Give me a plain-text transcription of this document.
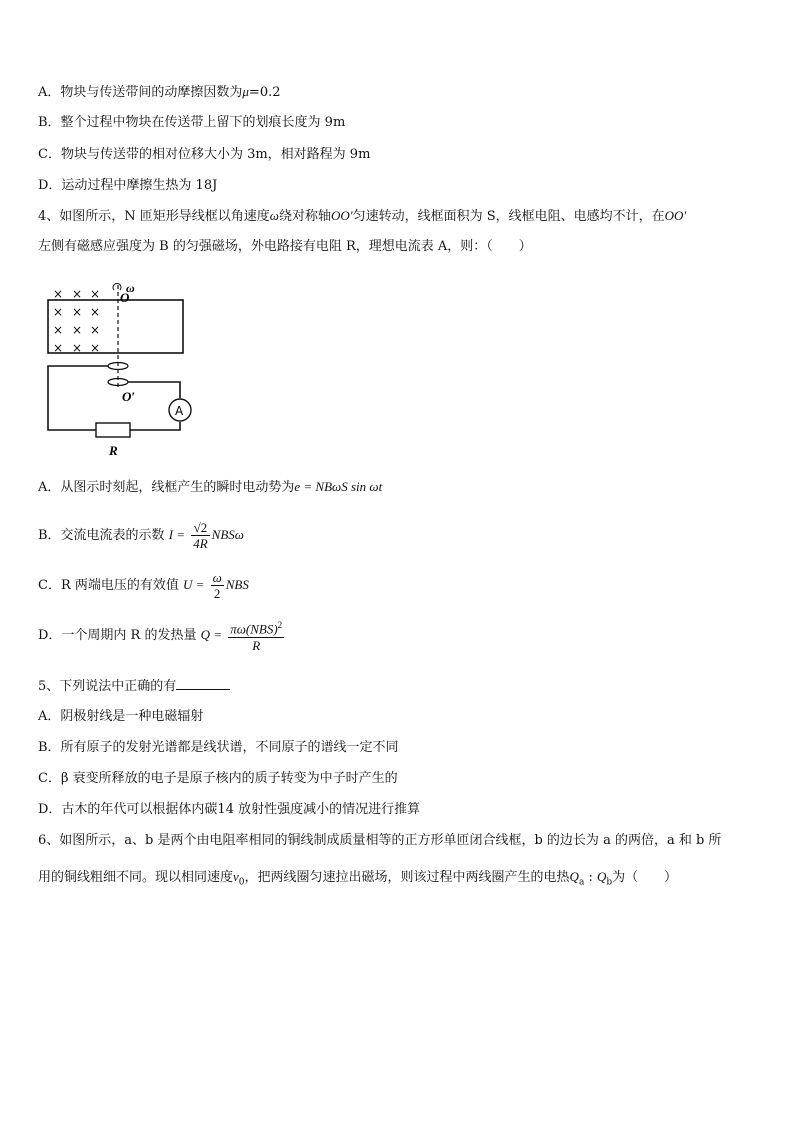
A．物块与传送带间的动摩擦因数为μ=0.2
B．整个过程中物块在传送带上留下的划痕长度为 9m
C．物块与传送带的相对位移大小为 3m，相对路程为 9m
D．运动过程中摩擦生热为 18J
4、如图所示，N 匝矩形导线框以角速度ω绕对称轴OO′匀速转动，线框面积为 S，线框电阻、电感均不计，在OO′
左侧有磁感应强度为 B 的匀强磁场，外电路接有电阻 R，理想电流表 A，则：（　　）
× × ×
× × ×
× × ×
× × ×
O
ω
O′
A
R
A．从图示时刻起，线框产生的瞬时电动势为e = NBωS sin ωt
B．交流电流表的示数 $I = \frac{√2}{4R}$ NBSω
C．R 两端电压的有效值 $U = \frac{\omega}{2}$ NBS
D．一个周期内 R 的发热量 $Q = \frac{\pi\omega(NBS)^2}{R}$
5、下列说法中正确的有
A．阴极射线是一种电磁辐射
B．所有原子的发射光谱都是线状谱，不同原子的谱线一定不同
C．β 衰变所释放的电子是原子核内的质子转变为中子时产生的
D．古木的年代可以根据体内碳14 放射性强度减小的情况进行推算
6、如图所示，a、b 是两个由电阻率相同的铜线制成质量相等的正方形单匝闭合线框，b 的边长为 a 的两倍，a 和 b 所
用的铜线粗细不同。现以相同速度$v_0$，把两线圈匀速拉出磁场，则该过程中两线圈产生的电热$Q_a$ : $Q_b$为（　　）
